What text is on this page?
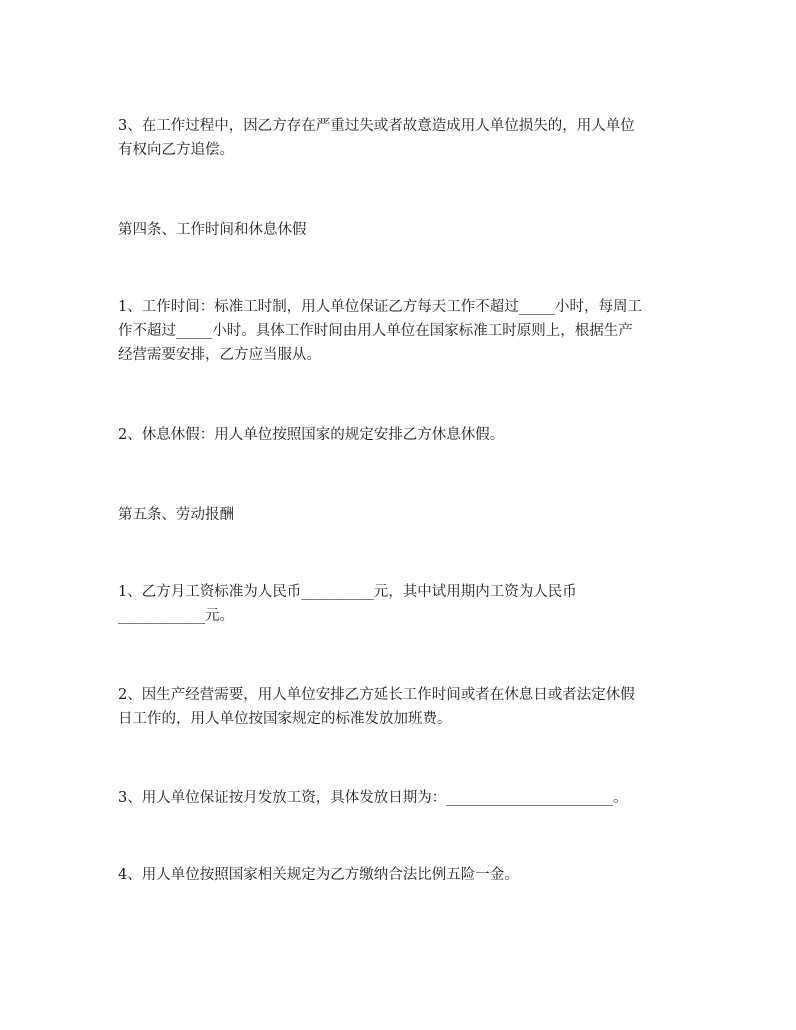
3、在工作过程中，因乙方存在严重过失或者故意造成用人单位损失的，用人单位
有权向乙方追偿。

第四条、工作时间和休息休假

1、工作时间：标准工时制，用人单位保证乙方每天工作不超过_____小时，每周工
作不超过_____小时。具体工作时间由用人单位在国家标准工时原则上，根据生产
经营需要安排，乙方应当服从。

2、休息休假：用人单位按照国家的规定安排乙方休息休假。

第五条、劳动报酬

1、乙方月工资标准为人民币__________元，其中试用期内工资为人民币
____________元。

2、因生产经营需要，用人单位安排乙方延长工作时间或者在休息日或者法定休假
日工作的，用人单位按国家规定的标准发放加班费。

3、用人单位保证按月发放工资，具体发放日期为：_______________________。

4、用人单位按照国家相关规定为乙方缴纳合法比例五险一金。
